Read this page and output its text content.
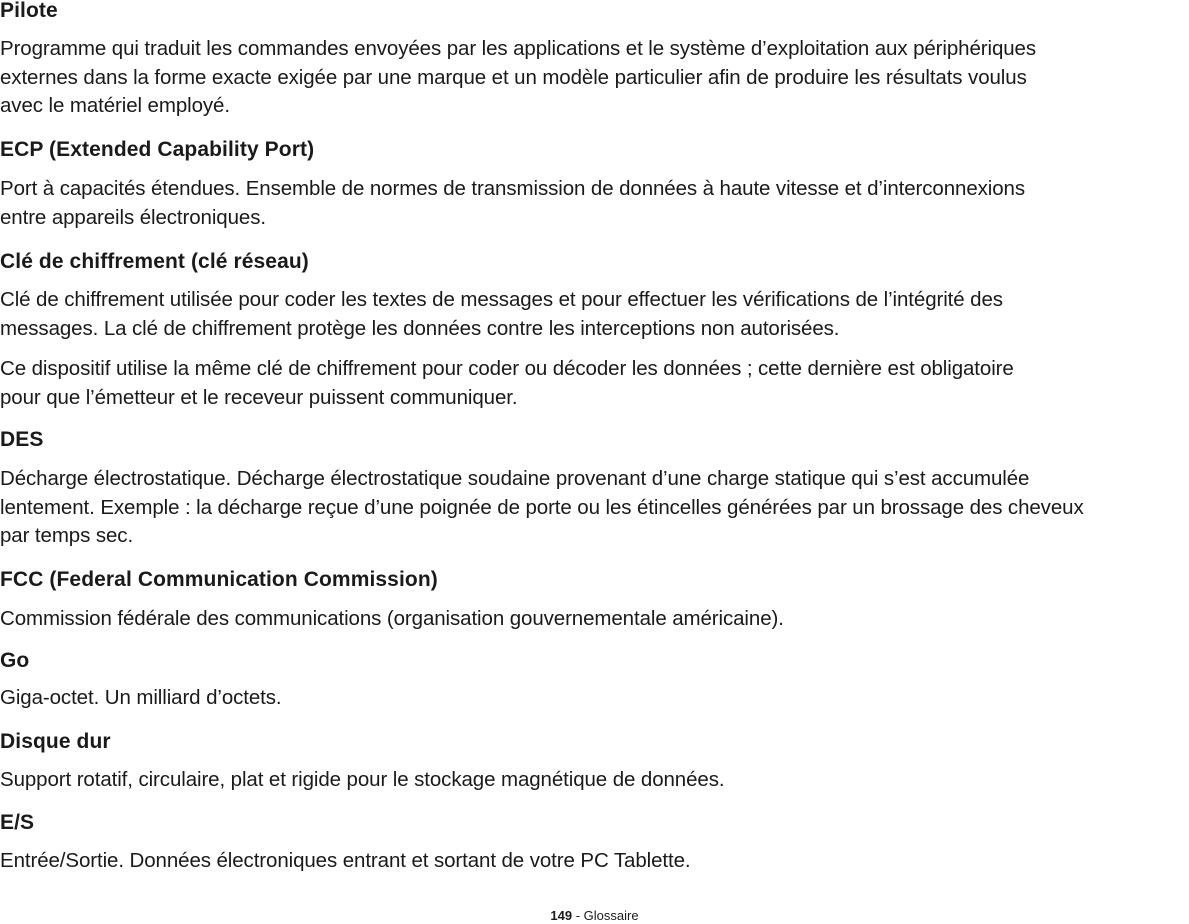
Pilote
Programme qui traduit les commandes envoyées par les applications et le système d’exploitation aux périphériques
externes dans la forme exacte exigée par une marque et un modèle particulier afin de produire les résultats voulus
avec le matériel employé.
ECP (Extended Capability Port)
Port à capacités étendues. Ensemble de normes de transmission de données à haute vitesse et d’interconnexions
entre appareils électroniques.
Clé de chiffrement (clé réseau)
Clé de chiffrement utilisée pour coder les textes de messages et pour effectuer les vérifications de l’intégrité des
messages. La clé de chiffrement protège les données contre les interceptions non autorisées.
Ce dispositif utilise la même clé de chiffrement pour coder ou décoder les données ; cette dernière est obligatoire
pour que l’émetteur et le receveur puissent communiquer.
DES
Décharge électrostatique. Décharge électrostatique soudaine provenant d’une charge statique qui s’est accumulée
lentement. Exemple : la décharge reçue d’une poignée de porte ou les étincelles générées par un brossage des cheveux
par temps sec.
FCC (Federal Communication Commission)
Commission fédérale des communications (organisation gouvernementale américaine).
Go
Giga-octet. Un milliard d’octets.
Disque dur
Support rotatif, circulaire, plat et rigide pour le stockage magnétique de données.
E/S
Entrée/Sortie. Données électroniques entrant et sortant de votre PC Tablette.
149 - Glossaire
